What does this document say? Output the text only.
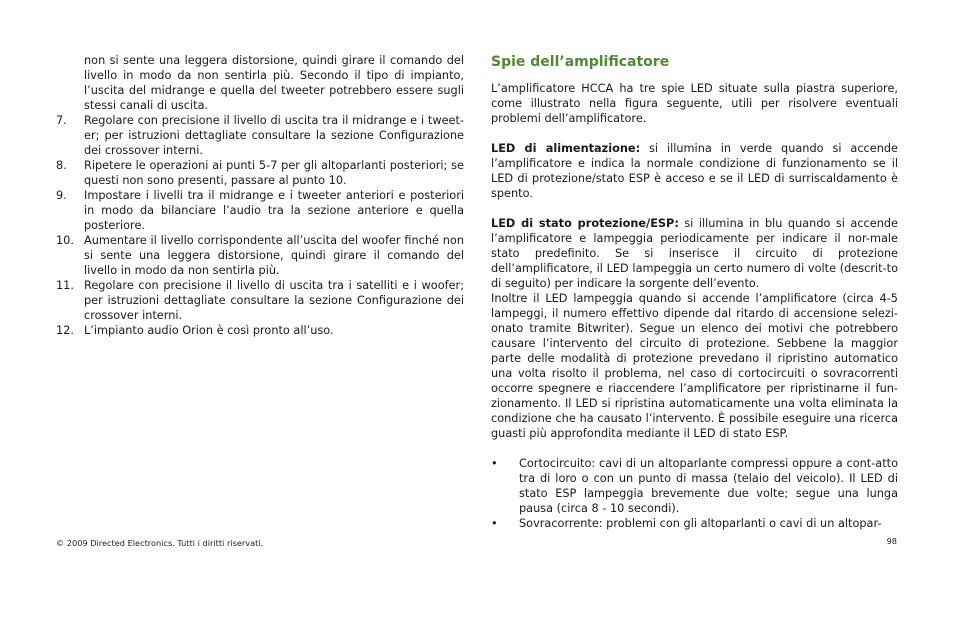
non si sente una leggera distorsione, quindi girare il comando del livello in modo da non sentirla più. Secondo il tipo di impianto, l’uscita del midrange e quella del tweeter potrebbero essere sugli stessi canali di uscita.

7. Regolare con precisione il livello di uscita tra il midrange e i tweet-er; per istruzioni dettagliate consultare la sezione Configurazione dei crossover interni.
8. Ripetere le operazioni ai punti 5-7 per gli altoparlanti posteriori; se questi non sono presenti, passare al punto 10.
9. Impostare i livelli tra il midrange e i tweeter anteriori e posteriori in modo da bilanciare l’audio tra la sezione anteriore e quella posteriore.
10. Aumentare il livello corrispondente all’uscita del woofer finché non si sente una leggera distorsione, quindi girare il comando del livello in modo da non sentirla più.
11. Regolare con precisione il livello di uscita tra i satelliti e i woofer; per istruzioni dettagliate consultare la sezione Configurazione dei crossover interni.
12. L’impianto audio Orion è così pronto all’uso.
Spie dell’amplificatore

L’amplificatore HCCA ha tre spie LED situate sulla piastra superiore, come illustrato nella figura seguente, utili per risolvere eventuali problemi dell’amplificatore.

LED di alimentazione: si illumina in verde quando si accende l’amplificatore e indica la normale condizione di funzionamento se il LED di protezione/stato ESP è acceso e se il LED di surriscaldamento è spento.

LED di stato protezione/ESP: si illumina in blu quando si accende l’amplificatore e lampeggia periodicamente per indicare il nor-male stato predefinito. Se si inserisce il circuito di protezione dell’amplificatore, il LED lampeggia un certo numero di volte (descrit-to di seguito) per indicare la sorgente dell’evento.

Inoltre il LED lampeggia quando si accende l’amplificatore (circa 4-5 lampeggi, il numero effettivo dipende dal ritardo di accensione selezi-onato tramite Bitwriter). Segue un elenco dei motivi che potrebbero causare l’intervento del circuito di protezione. Sebbene la maggior parte delle modalità di protezione prevedano il ripristino automatico una volta risolto il problema, nel caso di cortocircuiti o sovracorrenti occorre spegnere e riaccendere l’amplificatore per ripristinarne il fun-zionamento. Il LED si ripristina automaticamente una volta eliminata la condizione che ha causato l’intervento. È possibile eseguire una ricerca guasti più approfondita mediante il LED di stato ESP.

• Cortocircuito: cavi di un altoparlante compressi oppure a cont-atto tra di loro o con un punto di massa (telaio del veicolo). Il LED di stato ESP lampeggia brevemente due volte; segue una lunga pausa (circa 8 - 10 secondi).
• Sovracorrente: problemi con gli altoparlanti o cavi di un altopar-
© 2009 Directed Electronics. Tutti i diritti riservati.	98
